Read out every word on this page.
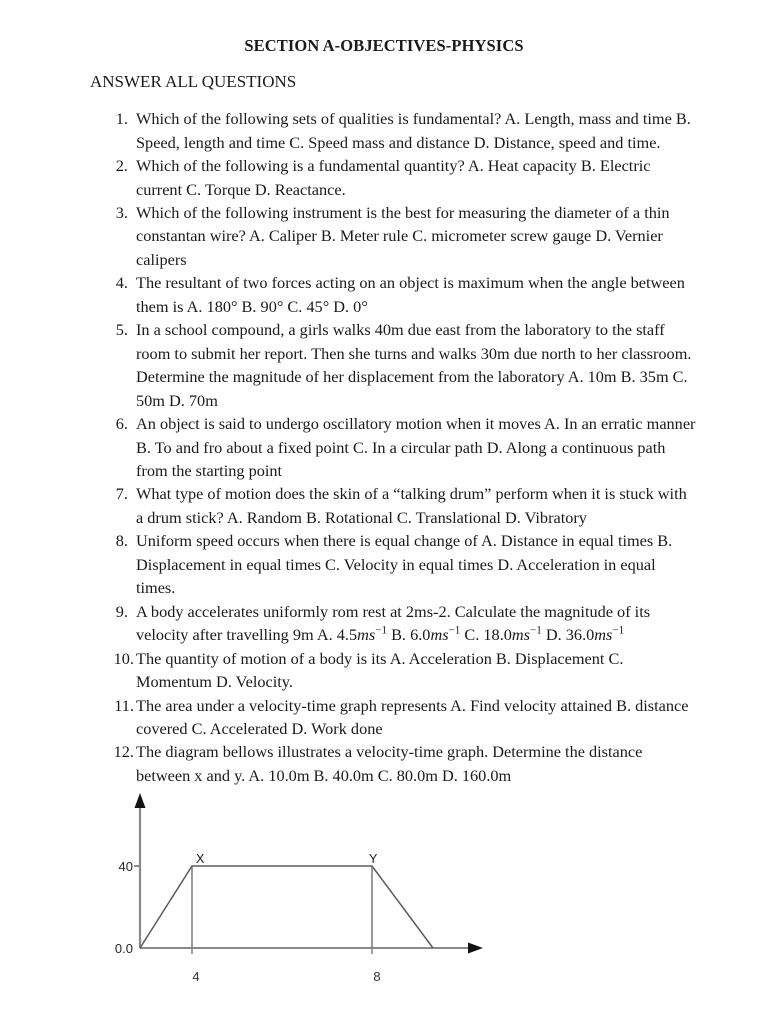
SECTION A-OBJECTIVES-PHYSICS

ANSWER ALL QUESTIONS

1. Which of the following sets of qualities is fundamental? A. Length, mass and time B. Speed, length and time C. Speed mass and distance D. Distance, speed and time.
2. Which of the following is a fundamental quantity? A. Heat capacity B. Electric current C. Torque D. Reactance.
3. Which of the following instrument is the best for measuring the diameter of a thin constantan wire? A. Caliper B. Meter rule C. micrometer screw gauge D. Vernier calipers
4. The resultant of two forces acting on an object is maximum when the angle between them is A. 180° B. 90° C. 45° D. 0°
5. In a school compound, a girls walks 40m due east from the laboratory to the staff room to submit her report. Then she turns and walks 30m due north to her classroom. Determine the magnitude of her displacement from the laboratory A. 10m B. 35m C. 50m D. 70m
6. An object is said to undergo oscillatory motion when it moves A. In an erratic manner B. To and fro about a fixed point C. In a circular path D. Along a continuous path from the starting point
7. What type of motion does the skin of a “talking drum” perform when it is stuck with a drum stick? A. Random B. Rotational C. Translational D. Vibratory
8. Uniform speed occurs when there is equal change of A. Distance in equal times B. Displacement in equal times C. Velocity in equal times D. Acceleration in equal times.
9. A body accelerates uniformly rom rest at 2ms-2. Calculate the magnitude of its velocity after travelling 9m A. $4.5ms^{-1}$ B. $6.0ms^{-1}$ C. $18.0ms^{-1}$ D. $36.0ms^{-1}$
10. The quantity of motion of a body is its A. Acceleration B. Displacement C. Momentum D. Velocity.
11. The area under a velocity-time graph represents A. Find velocity attained B. distance covered C. Accelerated D. Work done
12. The diagram bellows illustrates a velocity-time graph. Determine the distance between x and y. A. 10.0m B. 40.0m C. 80.0m D. 160.0m
40
0.0
4	8
X	Y
